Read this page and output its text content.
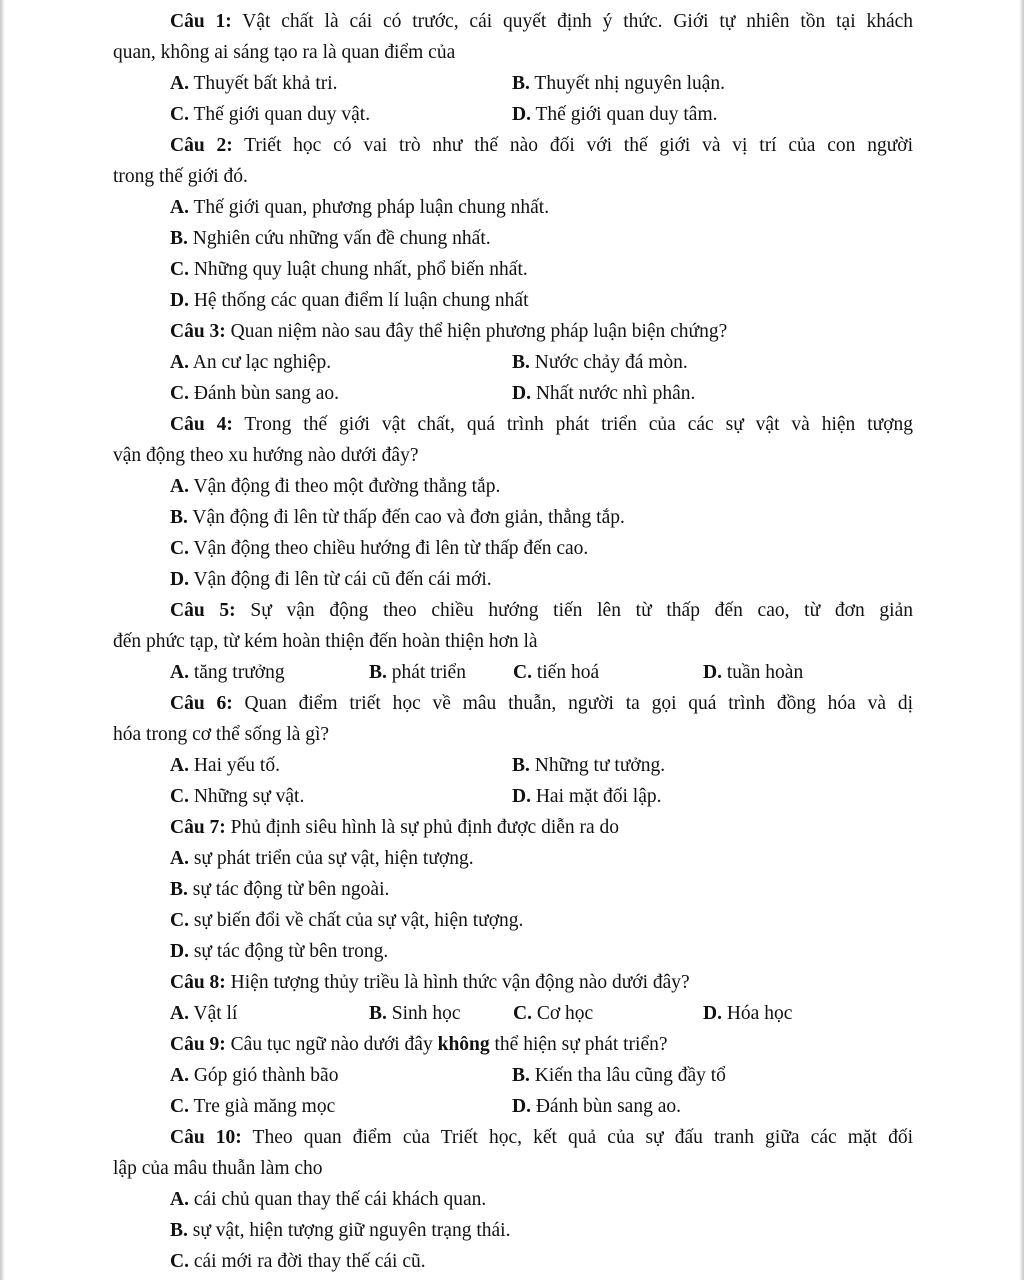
Câu 1: Vật chất là cái có trước, cái quyết định ý thức. Giới tự nhiên tồn tại khách
quan, không ai sáng tạo ra là quan điểm của
A. Thuyết bất khả tri.	B. Thuyết nhị nguyên luận.
C. Thế giới quan duy vật.	D. Thế giới quan duy tâm.
Câu 2: Triết học có vai trò như thế nào đối với thế giới và vị trí của con người
trong thế giới đó.
A. Thế giới quan, phương pháp luận chung nhất.
B. Nghiên cứu những vấn đề chung nhất.
C. Những quy luật chung nhất, phổ biến nhất.
D. Hệ thống các quan điểm lí luận chung nhất
Câu 3: Quan niệm nào sau đây thể hiện phương pháp luận biện chứng?
A. An cư lạc nghiệp.	B. Nước chảy đá mòn.
C. Đánh bùn sang ao.	D. Nhất nước nhì phân.
Câu 4: Trong thế giới vật chất, quá trình phát triển của các sự vật và hiện tượng
vận động theo xu hướng nào dưới đây?
A. Vận động đi theo một đường thẳng tắp.
B. Vận động đi lên từ thấp đến cao và đơn giản, thẳng tắp.
C. Vận động theo chiều hướng đi lên từ thấp đến cao.
D. Vận động đi lên từ cái cũ đến cái mới.
Câu 5: Sự vận động theo chiều hướng tiến lên từ thấp đến cao, từ đơn giản
đến phức tạp, từ kém hoàn thiện đến hoàn thiện hơn là
A. tăng trưởng	B. phát triển C. tiến hoá	D. tuần hoàn
Câu 6: Quan điểm triết học về mâu thuẫn, người ta gọi quá trình đồng hóa và dị
hóa trong cơ thể sống là gì?
A. Hai yếu tố.	B. Những tư tưởng.
C. Những sự vật.	D. Hai mặt đối lập.
Câu 7: Phủ định siêu hình là sự phủ định được diễn ra do
A. sự phát triển của sự vật, hiện tượng.
B. sự tác động từ bên ngoài.
C. sự biến đổi về chất của sự vật, hiện tượng.
D. sự tác động từ bên trong.
Câu 8: Hiện tượng thủy triều là hình thức vận động nào dưới đây?
A. Vật lí	B. Sinh học	C. Cơ học	D. Hóa học
Câu 9: Câu tục ngữ nào dưới đây không thể hiện sự phát triển?
A. Góp gió thành bão	B. Kiến tha lâu cũng đầy tổ
C. Tre già măng mọc	D. Đánh bùn sang ao.
Câu 10: Theo quan điểm của Triết học, kết quả của sự đấu tranh giữa các mặt đối
lập của mâu thuẫn làm cho
A. cái chủ quan thay thế cái khách quan.
B. sự vật, hiện tượng giữ nguyên trạng thái.
C. cái mới ra đời thay thế cái cũ.
